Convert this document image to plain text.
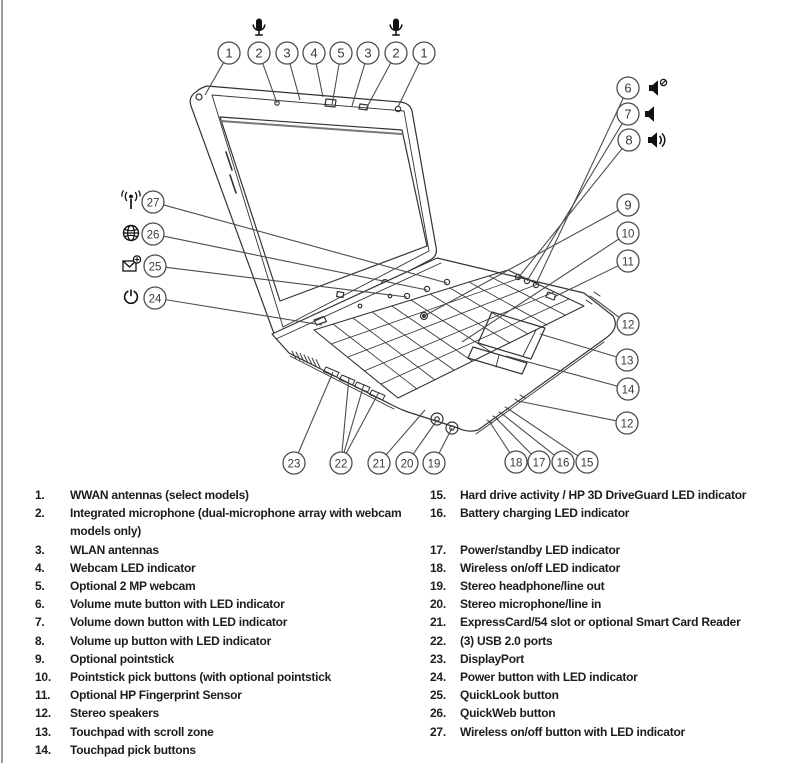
1 2 3 4 5 3 2 1
6
7
8
9
10
11
12
13
14
12
18 17 16 15
23	22 21 20 19
27
26
25
24
1.	WWAN antennas (select models)
2.	Integrated microphone (dual-microphone array with webcam models only)
3.	WLAN antennas
4.	Webcam LED indicator
5.	Optional 2 MP webcam
6.	Volume mute button with LED indicator
7.	Volume down button with LED indicator
8.	Volume up button with LED indicator
9.	Optional pointstick
10.	Pointstick pick buttons (with optional pointstick
11.	Optional HP Fingerprint Sensor
12.	Stereo speakers
13.	Touchpad with scroll zone
14.	Touchpad pick buttons
15.	Hard drive activity / HP 3D DriveGuard LED indicator
16.	Battery charging LED indicator
17.	Power/standby LED indicator
18.	Wireless on/off LED indicator
19.	Stereo headphone/line out
20.	Stereo microphone/line in
21.	ExpressCard/54 slot or optional Smart Card Reader
22.	(3) USB 2.0 ports
23.	DisplayPort
24.	Power button with LED indicator
25.	QuickLook button
26.	QuickWeb button
27.	Wireless on/off button with LED indicator
